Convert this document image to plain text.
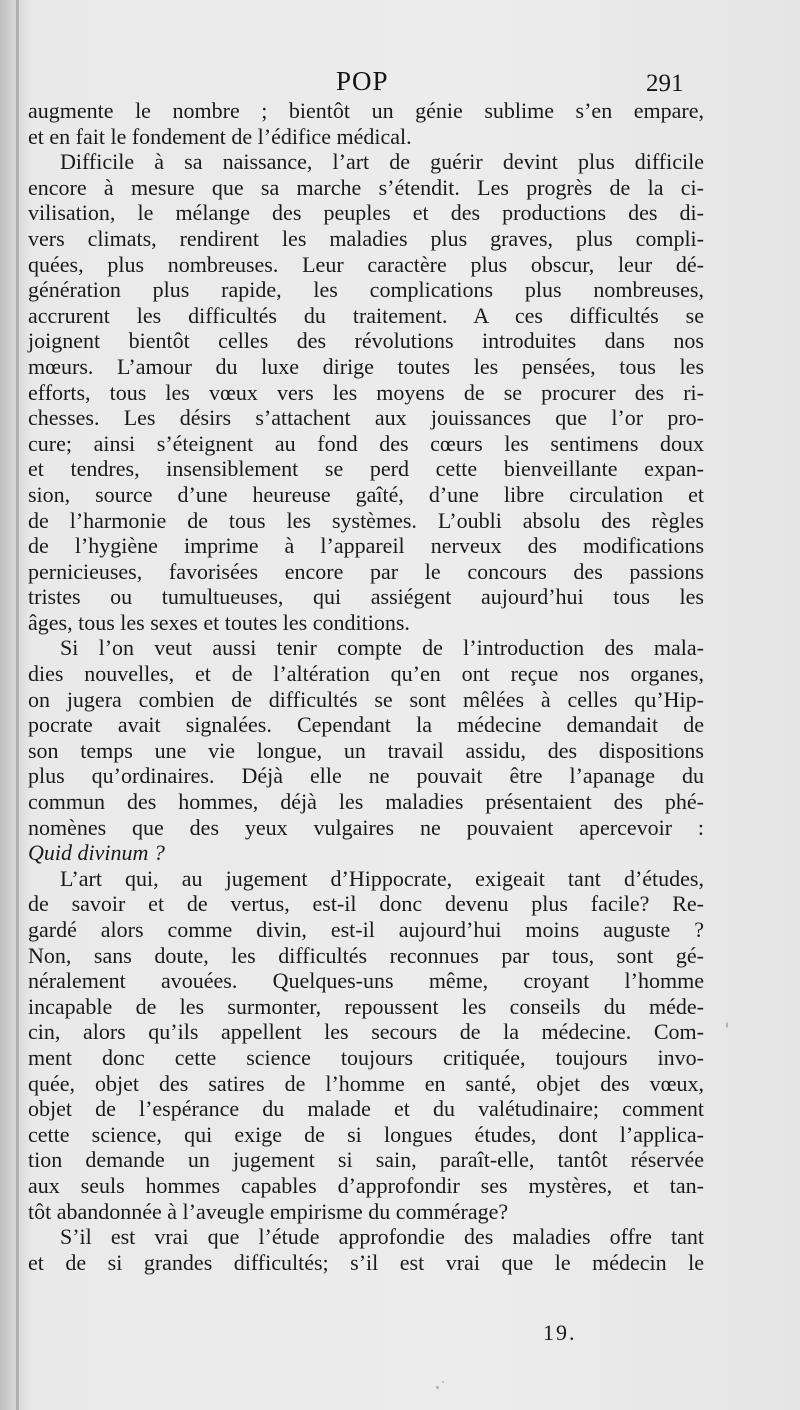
POP	291
augmente le nombre ; bientôt un génie sublime s’en empare,
et en fait le fondement de l’édifice médical.
Difficile à sa naissance, l’art de guérir devint plus difficile
encore à mesure que sa marche s’étendit. Les progrès de la ci-
vilisation, le mélange des peuples et des productions des di-
vers climats, rendirent les maladies plus graves, plus compli-
quées, plus nombreuses. Leur caractère plus obscur, leur dé-
génération plus rapide, les complications plus nombreuses,
accrurent les difficultés du traitement. A ces difficultés se
joignent bientôt celles des révolutions introduites dans nos
mœurs. L’amour du luxe dirige toutes les pensées, tous les
efforts, tous les vœux vers les moyens de se procurer des ri-
chesses. Les désirs s’attachent aux jouissances que l’or pro-
cure; ainsi s’éteignent au fond des cœurs les sentimens doux
et tendres, insensiblement se perd cette bienveillante expan-
sion, source d’une heureuse gaîté, d’une libre circulation et
de l’harmonie de tous les systèmes. L’oubli absolu des règles
de l’hygiène imprime à l’appareil nerveux des modifications
pernicieuses, favorisées encore par le concours des passions
tristes ou tumultueuses, qui assiégent aujourd’hui tous les
âges, tous les sexes et toutes les conditions.
Si l’on veut aussi tenir compte de l’introduction des mala-
dies nouvelles, et de l’altération qu’en ont reçue nos organes,
on jugera combien de difficultés se sont mêlées à celles qu’Hip-
pocrate avait signalées. Cependant la médecine demandait de
son temps une vie longue, un travail assidu, des dispositions
plus qu’ordinaires. Déjà elle ne pouvait être l’apanage du
commun des hommes, déjà les maladies présentaient des phé-
nomènes que des yeux vulgaires ne pouvaient apercevoir :
Quid divinum ?
L’art qui, au jugement d’Hippocrate, exigeait tant d’études,
de savoir et de vertus, est-il donc devenu plus facile? Re-
gardé alors comme divin, est-il aujourd’hui moins auguste ?
Non, sans doute, les difficultés reconnues par tous, sont gé-
néralement avouées. Quelques-uns même, croyant l’homme
incapable de les surmonter, repoussent les conseils du méde-
cin, alors qu’ils appellent les secours de la médecine. Com-
ment donc cette science toujours critiquée, toujours invo-
quée, objet des satires de l’homme en santé, objet des vœux,
objet de l’espérance du malade et du valétudinaire; comment
cette science, qui exige de si longues études, dont l’applica-
tion demande un jugement si sain, paraît-elle, tantôt réservée
aux seuls hommes capables d’approfondir ses mystères, et tan-
tôt abandonnée à l’aveugle empirisme du commérage?
S’il est vrai que l’étude approfondie des maladies offre tant
et de si grandes difficultés; s’il est vrai que le médecin le
19.
